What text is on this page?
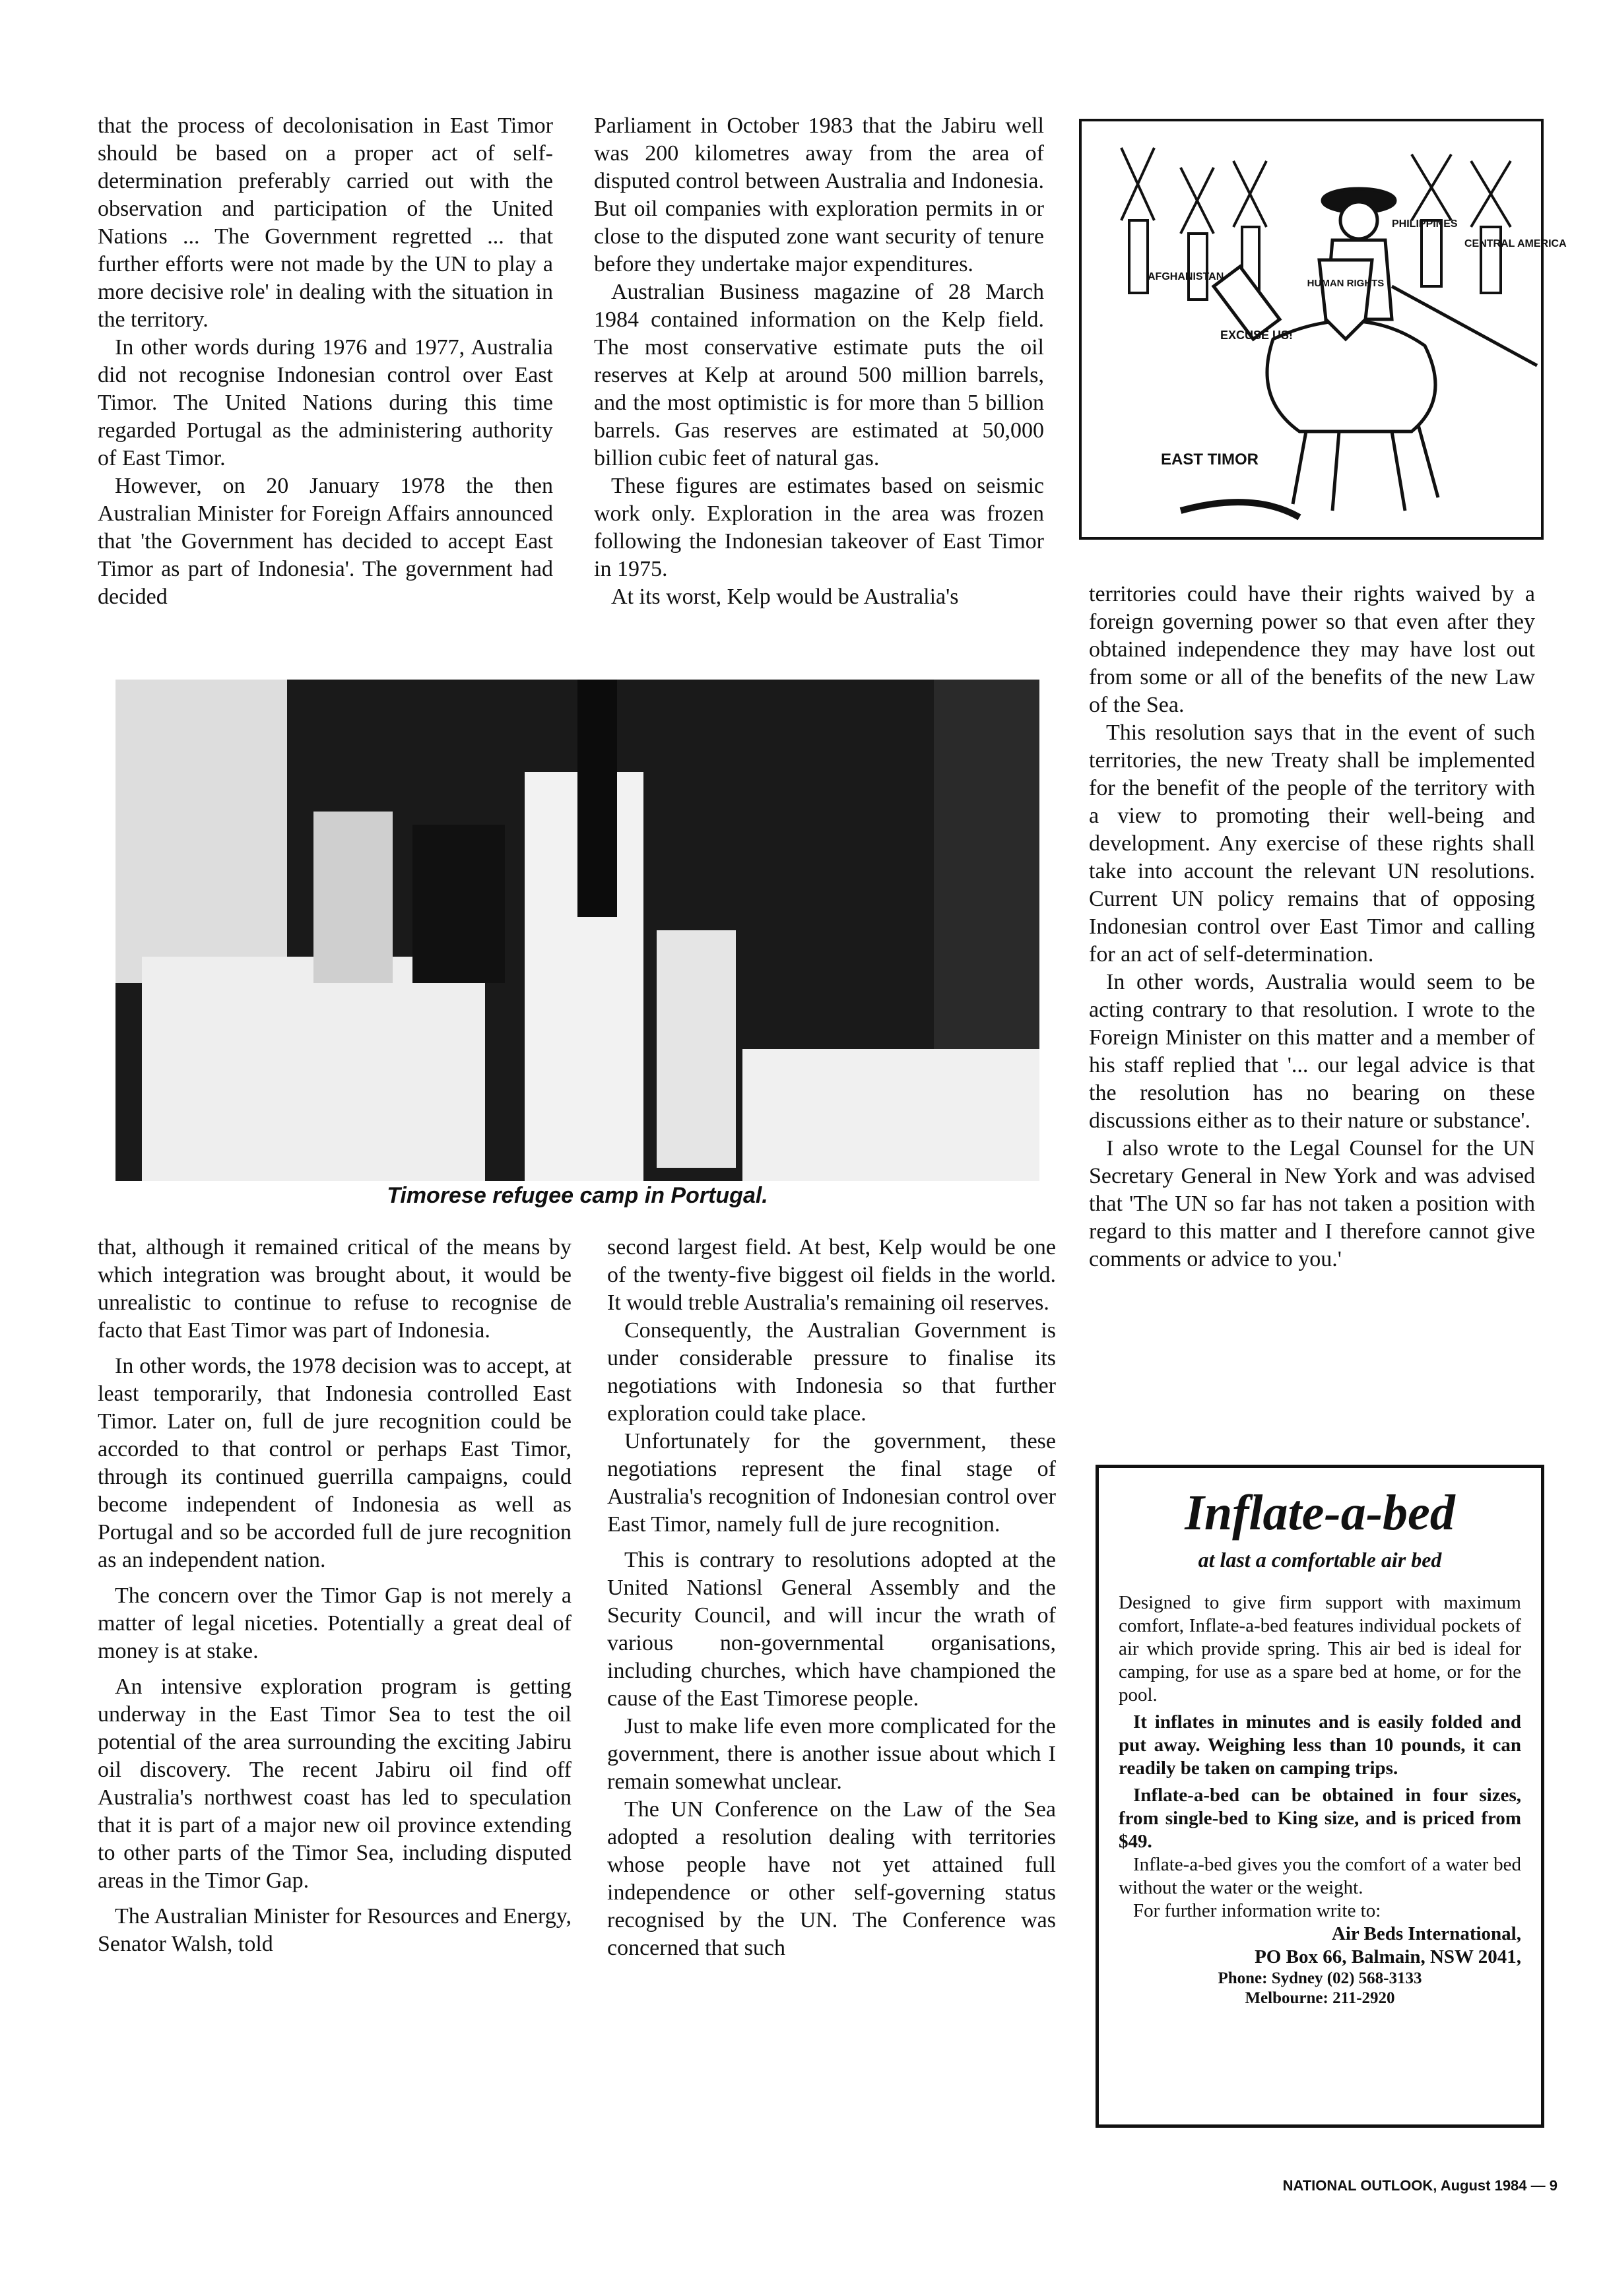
that the process of decolonisation in East Timor should be based on a proper act of self-determination preferably carried out with the observation and participation of the United Nations ... The Government regretted ... that further efforts were not made by the UN to play a more decisive role' in dealing with the situation in the territory.

In other words during 1976 and 1977, Australia did not recognise Indonesian control over East Timor. The United Nations during this time regarded Portugal as the administering authority of East Timor.

However, on 20 January 1978 the then Australian Minister for Foreign Affairs announced that 'the Government has decided to accept East Timor as part of Indonesia'. The government had decided

Parliament in October 1983 that the Jabiru well was 200 kilometres away from the area of disputed control between Australia and Indonesia. But oil companies with exploration permits in or close to the disputed zone want security of tenure before they undertake major expenditures.

Australian Business magazine of 28 March 1984 contained information on the Kelp field. The most conservative estimate puts the oil reserves at Kelp at around 500 million barrels, and the most optimistic is for more than 5 billion barrels. Gas reserves are estimated at 50,000 billion cubic feet of natural gas.

These figures are estimates based on seismic work only. Exploration in the area was frozen following the Indonesian takeover of East Timor in 1975.

At its worst, Kelp would be Australia's

HUMAN RIGHTS
AFGHANISTAN
PHILIPPINES
CENTRAL AMERICA
EXCUSE US!
EAST TIMOR
Timorese refugee camp in Portugal.

that, although it remained critical of the means by which integration was brought about, it would be unrealistic to continue to refuse to recognise de facto that East Timor was part of Indonesia.

In other words, the 1978 decision was to accept, at least temporarily, that Indonesia controlled East Timor. Later on, full de jure recognition could be accorded to that control or perhaps East Timor, through its continued guerrilla campaigns, could become independent of Indonesia as well as Portugal and so be accorded full de jure recognition as an independent nation.

The concern over the Timor Gap is not merely a matter of legal niceties. Potentially a great deal of money is at stake.

An intensive exploration program is getting underway in the East Timor Sea to test the oil potential of the area surrounding the exciting Jabiru oil discovery. The recent Jabiru oil find off Australia's northwest coast has led to speculation that it is part of a major new oil province extending to other parts of the Timor Sea, including disputed areas in the Timor Gap.

The Australian Minister for Resources and Energy, Senator Walsh, told

second largest field. At best, Kelp would be one of the twenty-five biggest oil fields in the world. It would treble Australia's remaining oil reserves.

Consequently, the Australian Government is under considerable pressure to finalise its negotiations with Indonesia so that further exploration could take place.

Unfortunately for the government, these negotiations represent the final stage of Australia's recognition of Indonesian control over East Timor, namely full de jure recognition.

This is contrary to resolutions adopted at the United Nationsl General Assembly and the Security Council, and will incur the wrath of various non-governmental organisations, including churches, which have championed the cause of the East Timorese people.

Just to make life even more complicated for the government, there is another issue about which I remain somewhat unclear.

The UN Conference on the Law of the Sea adopted a resolution dealing with territories whose people have not yet attained full independence or other self-governing status recognised by the UN. The Conference was concerned that such

territories could have their rights waived by a foreign governing power so that even after they obtained independence they may have lost out from some or all of the benefits of the new Law of the Sea.

This resolution says that in the event of such territories, the new Treaty shall be implemented for the benefit of the people of the territory with a view to promoting their well-being and development. Any exercise of these rights shall take into account the relevant UN resolutions. Current UN policy remains that of opposing Indonesian control over East Timor and calling for an act of self-determination.

In other words, Australia would seem to be acting contrary to that resolution. I wrote to the Foreign Minister on this matter and a member of his staff replied that '... our legal advice is that the resolution has no bearing on these discussions either as to their nature or substance'.

I also wrote to the Legal Counsel for the UN Secretary General in New York and was advised that 'The UN so far has not taken a position with regard to this matter and I therefore cannot give comments or advice to you.'

Inflate-a-bed
at last a comfortable air bed

Designed to give firm support with maximum comfort, Inflate-a-bed features individual pockets of air which provide spring. This air bed is ideal for camping, for use as a spare bed at home, or for the pool.

It inflates in minutes and is easily folded and put away. Weighing less than 10 pounds, it can readily be taken on camping trips.

Inflate-a-bed can be obtained in four sizes, from single-bed to King size, and is priced from $49.

Inflate-a-bed gives you the comfort of a water bed without the water or the weight.

For further information write to:

Air Beds International,
PO Box 66, Balmain, NSW 2041,
Phone: Sydney (02) 568-3133
Melbourne: 211-2920
NATIONAL OUTLOOK, August 1984 — 9
